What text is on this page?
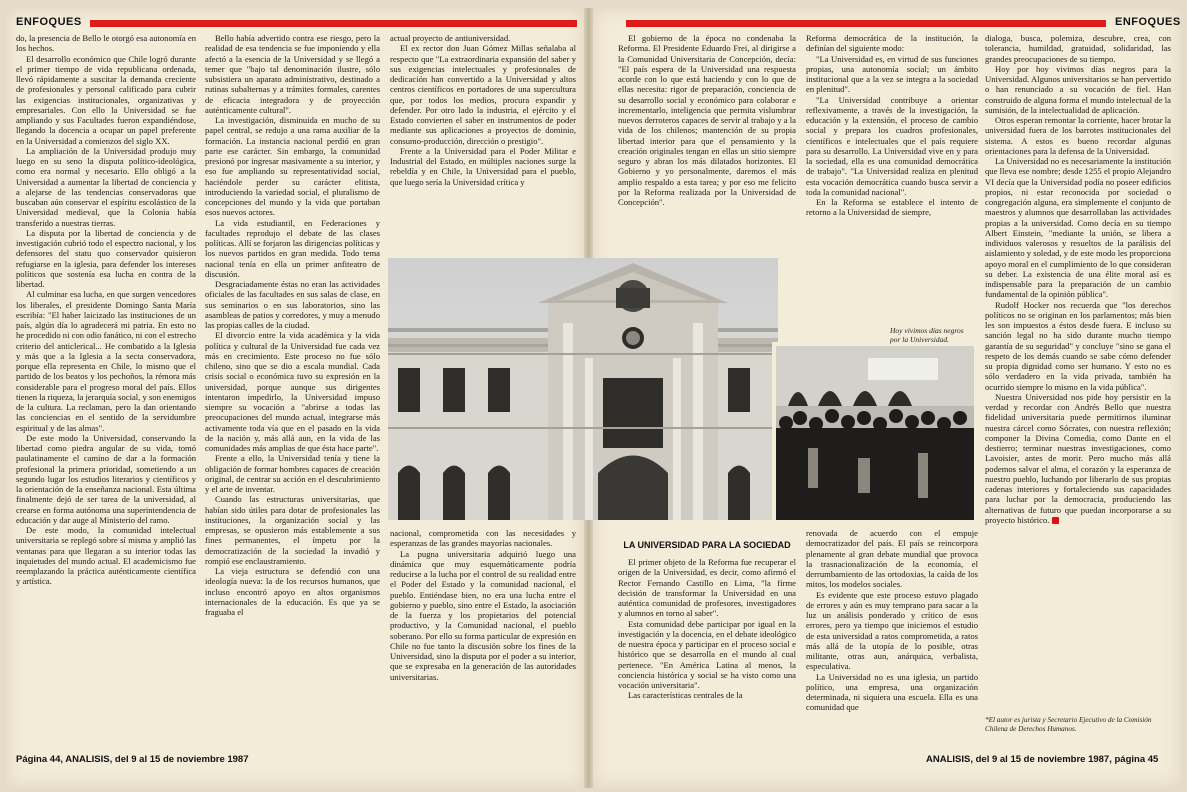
ENFOQUES	ENFOQUES

do, la presencia de Bello le otorgó esa autonomía en los hechos.

El desarrollo económico que Chile logró durante el primer tiempo de vida republicana ordenada, llevó rápidamente a suscitar la demanda creciente de profesionales y personal calificado para cubrir las exigencias institucionales, organizativas y empresariales. Con ello la Universidad se fue ampliando y sus Facultades fueron expandiéndose, llegando la docencia a ocupar un papel preferente en la Universidad a comienzos del siglo XX.

La ampliación de la Universidad produjo muy luego en su seno la disputa político-ideológica, como era normal y necesario. Ello obligó a la Universidad a aumentar la libertad de conciencia y a alejarse de las tendencias conservadoras que buscaban aún conservar el espíritu escolástico de la Universidad medieval, que la Colonia había transferido a nuestras tierras.

La disputa por la libertad de conciencia y de investigación cubrió todo el espectro nacional, y los defensores del statu quo conservador quisieron refugiarse en la iglesia, para defender los intereses políticos que sostenía esa lucha en contra de la libertad.

Al culminar esa lucha, en que surgen vencedores los liberales, el presidente Domingo Santa María escribía: "El haber laicizado las instituciones de un país, algún día lo agradecerá mi patria. En esto no he procedido ni con odio fanático, ni con el estrecho criterio del anticlerical... He combatido a la Iglesia y más que a la Iglesia a la secta conservadora, porque ella representa en Chile, lo mismo que el partido de los beatos y los pechoños, la rémora más considerable para el progreso moral del país. Ellos tienen la riqueza, la jerarquía social, y son enemigos de la cultura. La reclaman, pero la dan orientando las conciencias en el sentido de la servidumbre espiritual y de las almas".

De este modo la Universidad, conservando la libertad como piedra angular de su vida, tomó paulatinamente el camino de dar a la formación profesional la primera prioridad, sometiendo a un segundo lugar los estudios literarios y científicos y la orientación de la enseñanza nacional. Esta última finalmente dejó de ser tarea de la universidad, al crearse en forma autónoma una superintendencia de educación y dar auge al Ministerio del ramo.

De este modo, la comunidad intelectual universitaria se replegó sobre sí misma y amplió las ventanas para que llegaran a su interior todas las inquietudes del mundo actual. El academicismo fue reemplazando la práctica auténticamente científica y artística.

Bello había advertido contra ese riesgo, pero la realidad de esa tendencia se fue imponiendo y ella afectó a la esencia de la Universidad y se llegó a temer que "bajo tal denominación ilustre, sólo subsistiera un aparato administrativo, destinado a rutinas subalternas y a trámites formales, carentes de eficacia integradora y de proyección auténticamente cultural".

La investigación, disminuida en mucho de su papel central, se redujo a una rama auxiliar de la formación. La instancia nacional perdió en gran parte ese carácter. Sin embargo, la comunidad presionó por ingresar masivamente a su interior, y eso fue ampliando su representatividad social, haciéndole perder su carácter elitista, introduciendo la variedad social, el pluralismo de concepciones del mundo y la vida que portaban esos nuevos actores.

La vida estudiantil, en Federaciones y facultades reprodujo el debate de las clases políticas. Allí se forjaron las dirigencias políticas y los nuevos partidos en gran medida. Todo tema nacional tenía en ella un primer anfiteatro de discusión.

Desgraciadamente éstas no eran las actividades oficiales de las facultades en sus salas de clase, en sus seminarios o en sus laboratorios, sino las asambleas de patios y corredores, y muy a menudo las propias calles de la ciudad.

El divorcio entre la vida académica y la vida política y cultural de la Universidad fue cada vez más en crecimiento. Este proceso no fue sólo chileno, sino que se dio a escala mundial. Cada crisis social o económica tuvo su expresión en la universidad, porque aunque sus dirigentes intentaron impedirlo, la Universidad impuso siempre su vocación a "abrirse a todas las preocupaciones del mundo actual, integrarse más activamente toda vía que en el pasado en la vida de la nación y, más allá aun, en la vida de las comunidades más amplias de que ésta hace parte".

Frente a ello, la Universidad tenía y tiene la obligación de formar hombres capaces de creación original, de centrar su acción en el descubrimiento y el arte de inventar.

Cuando las estructuras universitarias, que habían sido útiles para dotar de profesionales las instituciones, la organización social y las empresas, se opusieron más establemente a sus fines permanentes, el ímpetu por la democratización de la sociedad la invadió y rompió ese enclaustramiento.

La vieja estructura se defendió con una ideología nueva: la de los recursos humanos, que incluso encontró apoyo en altos organismos internacionales de la educación. Es que ya se fraguaba el

actual proyecto de antiuniversidad.

El ex rector don Juan Gómez Millas señalaba al respecto que "La extraordinaria expansión del saber y sus exigencias intelectuales y profesionales de dedicación han convertido a la Universidad y altos centros científicos en portadores de una supercultura que, por todos los medios, procura expandir y defender. Por otro lado la industria, el ejército y el Estado convierten el saber en instrumentos de poder mediante sus aplicaciones a proyectos de dominio, consumo-producción, dirección o prestigio".

Frente a la Universidad para el Poder Militar e Industrial del Estado, en múltiples naciones surge la rebeldía y en Chile, la Universidad para el pueblo, que luego sería la Universidad crítica y

El gobierno de la época no condenaba la Reforma. El Presidente Eduardo Frei, al dirigirse a la Comunidad Universitaria de Concepción, decía: "El país espera de la Universidad una respuesta acorde con lo que está haciendo y con lo que de ellas necesita: rigor de preparación, conciencia de su desarrollo social y económico para colaborar e incrementarlo, inteligencia que permita vislumbrar nuevos derroteros capaces de servir al trabajo y a la vida de los chilenos; mantención de su propia libertad interior para que el pensamiento y la creación originales tengan en ellas un sitio siempre seguro y abran los más dilatados horizontes. El Gobierno y yo personalmente, daremos el más amplio respaldo a esta tarea; y por eso me felicito por la Reforma realizada por la Universidad de Concepción".

Reforma democrática de la institución, la definían del siguiente modo:

"La Universidad es, en virtud de sus funciones propias, una autonomía social; un ámbito institucional que a la vez se integra a la sociedad en plenitud".

"La Universidad contribuye a orientar reflexivamente, a través de la investigación, la educación y la extensión, el proceso de cambio social y prepara los cuadros profesionales, científicos e intelectuales que el país requiere para su desarrollo. La Universidad vive en y para la sociedad, ella es una comunidad democrática de trabajo". "La Universidad realiza en plenitud esta vocación democrática cuando busca servir a toda la comunidad nacional".

En la Reforma se establece el intento de retorno a la Universidad de siempre,

Hoy vivimos días negros por la Universidad.

nacional, comprometida con las necesidades y esperanzas de las grandes mayorías nacionales.

La pugna universitaria adquirió luego una dinámica que muy esquemáticamente podría reducirse a la lucha por el control de su realidad entre el Poder del Estado y la comunidad nacional, el pueblo. Entiéndase bien, no era una lucha entre el gobierno y pueblo, sino entre el Estado, la asociación de la fuerza y los propietarios del potencial productivo, y la Comunidad nacional, el pueblo soberano. Por ello su forma particular de expresión en Chile no fue tanto la discusión sobre los fines de la Universidad, sino la disputa por el poder a su interior, que se expresaba en la generación de las autoridades universitarias.

LA UNIVERSIDAD PARA LA SOCIEDAD

El primer objeto de la Reforma fue recuperar el origen de la Universidad, es decir, como afirmó el Rector Fernando Castillo en Lima, "la firme decisión de transformar la Universidad en una auténtica comunidad de profesores, investigadores y alumnos en torno al saber".

Esta comunidad debe participar por igual en la investigación y la docencia, en el debate ideológico de nuestra época y participar en el proceso social e histórico que se desarrolla en el mundo al cual pertenece. "En América Latina al menos, la conciencia histórica y social se ha visto como una vocación universitaria".

Las características centrales de la

renovada de acuerdo con el empuje democratizador del país. El país se reincorpora plenamente al gran debate mundial que provoca la trasnacionalización de la economía, el derrumbamiento de las ortodoxias, la caída de los mitos, los modelos sociales.

Es evidente que este proceso estuvo plagado de errores y aún es muy temprano para sacar a la luz un análisis ponderado y crítico de esos errores, pero ya tiempo que iniciemos el estudio de esta universidad a ratos comprometida, a ratos más allá de la utopía de lo posible, otras militante, otras aun, anárquica, verbalista, especulativa.

La Universidad no es una iglesia, un partido político, una empresa, una organización determinada, ni siquiera una escuela. Ella es una comunidad que

dialoga, busca, polemiza, descubre, crea, con tolerancia, humildad, gratuidad, solidaridad, las grandes preocupaciones de su tiempo.

Hoy por hoy vivimos días negros para la Universidad. Algunos universitarios se han pervertido o han renunciado a su vocación de fiel. Han construido de alguna forma el mundo intelectual de la sumisión, de la intelectualidad de aplicación.

Otros esperan remontar la corriente, hacer brotar la universidad fuera de los barrotes institucionales del sistema. A estos es bueno recordar algunas orientaciones para la defensa de la Universidad.

La Universidad no es necesariamente la institución que lleva ese nombre; desde 1255 el propio Alejandro VI decía que la Universidad podía no poseer edificios propios, ni estar reconocida por sociedad o congregación alguna, era simplemente el conjunto de maestros y alumnos que desarrollaban las actividades propias a la universidad. Como decía en su tiempo Albert Einstein, "mediante la unión, se libera a individuos valerosos y resueltos de la parálisis del aislamiento y soledad, y de este modo les proporciona apoyo moral en el cumplimiento de lo que consideran su deber. La existencia de una élite moral así es indispensable para la preparación de un cambio fundamental de la opinión pública".

Rudolf Hocker nos recuerda que "los derechos políticos no se originan en los parlamentos; más bien les son impuestos a éstos desde fuera. E incluso su sanción legal no ha sido durante mucho tiempo garantía de su seguridad" y concluye "sino se gana el respeto de los demás cuando se sabe cómo defender su propia dignidad como ser humano. Y esto no es sólo verdadero en la vida privada, también ha ocurrido siempre lo mismo en la vida pública".

Nuestra Universidad nos pide hoy persistir en la verdad y recordar con Andrés Bello que nuestra fidelidad universitaria puede permitirnos iluminar nuestra cárcel como Sócrates, con nuestra reflexión; componer la Divina Comedia, como Dante en el destierro; terminar nuestras investigaciones, como Lavoisier, antes de morir. Pero mucho más allá podemos salvar el alma, el corazón y la esperanza de nuestro pueblo, luchando por liberarlo de sus propias cadenas interiores y fortaleciendo sus capacidades para luchar por la democracia, produciendo las alternativas de futuro que puedan incorporarse a su proyecto histórico.

*El autor es jurista y Secretario Ejecutivo de la Comisión Chilena de Derechos Humanos.
Página 44, ANALISIS, del 9 al 15 de noviembre 1987	ANALISIS, del 9 al 15 de noviembre 1987, página 45
